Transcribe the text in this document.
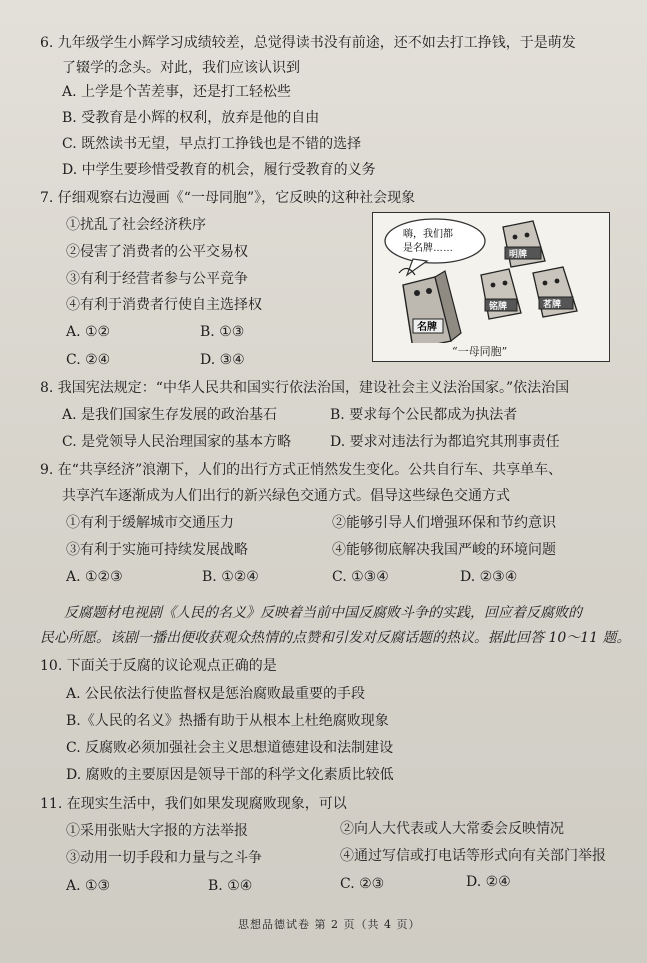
6. 九年级学生小辉学习成绩较差，总觉得读书没有前途，还不如去打工挣钱，于是萌发
了辍学的念头。对此，我们应该认识到
A. 上学是个苦差事，还是打工轻松些
B. 受教育是小辉的权利，放弃是他的自由
C. 既然读书无望，早点打工挣钱也是不错的选择
D. 中学生要珍惜受教育的机会，履行受教育的义务
7. 仔细观察右边漫画《“一母同胞”》，它反映的这种社会现象
①扰乱了社会经济秩序
②侵害了消费者的公平交易权
③有利于经营者参与公平竞争
④有利于消费者行使自主选择权
A. ①②	B. ①③
C. ②④	D. ③④
嗨，我们都
是名牌……
名牌
明牌
铭牌	茗牌
“一母同胞”
8. 我国宪法规定：“中华人民共和国实行依法治国，建设社会主义法治国家。”依法治国
A. 是我们国家生存发展的政治基石	B. 要求每个公民都成为执法者
C. 是党领导人民治理国家的基本方略	D. 要求对违法行为都追究其刑事责任
9. 在“共享经济”浪潮下，人们的出行方式正悄然发生变化。公共自行车、共享单车、
共享汽车逐渐成为人们出行的新兴绿色交通方式。倡导这些绿色交通方式
①有利于缓解城市交通压力	②能够引导人们增强环保和节约意识
③有利于实施可持续发展战略	④能够彻底解决我国严峻的环境问题
A. ①②③	B. ①②④	C. ①③④	D. ②③④
反腐题材电视剧《人民的名义》反映着当前中国反腐败斗争的实践，回应着反腐败的
民心所愿。该剧一播出便收获观众热情的点赞和引发对反腐话题的热议。据此回答 10～11 题。
10. 下面关于反腐的议论观点正确的是
A. 公民依法行使监督权是惩治腐败最重要的手段
B.《人民的名义》热播有助于从根本上杜绝腐败现象
C. 反腐败必须加强社会主义思想道德建设和法制建设
D. 腐败的主要原因是领导干部的科学文化素质比较低
11. 在现实生活中，我们如果发现腐败现象，可以
①采用张贴大字报的方法举报	②向人大代表或人大常委会反映情况
③动用一切手段和力量与之斗争	④通过写信或打电话等形式向有关部门举报
A. ①③	B. ①④	C. ②③	D. ②④
思想品德试卷 第 2 页（共 4 页）
